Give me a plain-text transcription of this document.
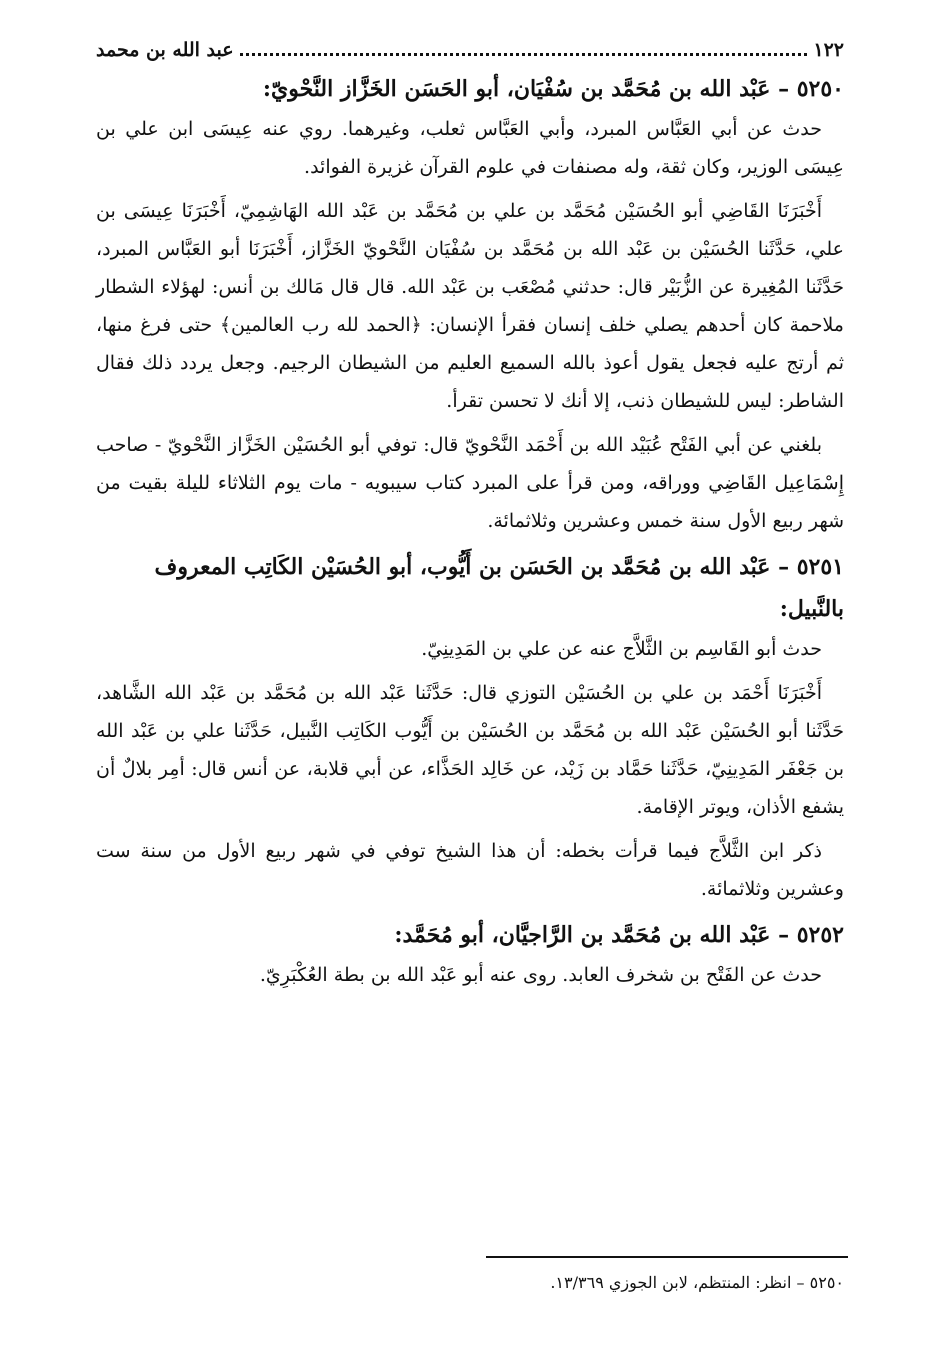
١٢٢
عبد الله بن محمد
٥٢٥٠ – عَبْد الله بن مُحَمَّد بن سُفْيَان، أبو الحَسَن الخَزَّاز النَّحْويّ:

حدث عن أبي العَبَّاس المبرد، وأبي العَبَّاس ثعلب، وغيرهما. روي عنه عِيسَى ابن علي بن عِيسَى الوزير، وكان ثقة، وله مصنفات في علوم القرآن غزيرة الفوائد.

أَخْبَرَنَا القَاضِي أبو الحُسَيْن مُحَمَّد بن علي بن مُحَمَّد بن عَبْد الله الهَاشِمِيّ، أَخْبَرَنَا عِيسَى بن علي، حَدَّثَنا الحُسَيْن بن عَبْد الله بن مُحَمَّد بن سُفْيَان النَّحْويّ الخَزَّاز، أَخْبَرَنَا أبو العَبَّاس المبرد، حَدَّثَنا المُغِيرة عن الزُّبَيْر قال: حدثني مُصْعَب بن عَبْد الله. قال قال مَالك بن أنس: لهؤلاء الشطار ملاحمة كان أحدهم يصلي خلف إنسان فقرأ الإنسان: ﴿الحمد لله رب العالمين﴾ حتى فرغ منها، ثم أرتج عليه فجعل يقول أعوذ بالله السميع العليم من الشيطان الرجيم. وجعل يردد ذلك فقال الشاطر: ليس للشيطان ذنب، إلا أنك لا تحسن تقرأ.

بلغني عن أبي الفَتْح عُبَيْد الله بن أَحْمَد النَّحْويّ قال: توفي أبو الحُسَيْن الخَزَّاز النَّحْويّ - صاحب إِسْمَاعِيل القَاضِي ووراقه، ومن قرأ على المبرد كتاب سيبويه - مات يوم الثلاثاء لليلة بقيت من شهر ربيع الأول سنة خمس وعشرين وثلاثمائة.

٥٢٥١ – عَبْد الله بن مُحَمَّد بن الحَسَن بن أَيُّوب، أبو الحُسَيْن الكَاتِب المعروف بالنَّبيل:

حدث أبو القَاسِم بن الثَّلاَّج عنه عن علي بن المَدِينِيّ.

أَخْبَرَنَا أَحْمَد بن علي بن الحُسَيْن التوزي قال: حَدَّثَنا عَبْد الله بن مُحَمَّد بن عَبْد الله الشَّاهد، حَدَّثَنا أبو الحُسَيْن عَبْد الله بن مُحَمَّد بن الحُسَيْن بن أَيُّوب الكَاتِب النَّبيل، حَدَّثَنا علي بن عَبْد الله بن جَعْفَر المَدِينِيّ، حَدَّثَنا حَمَّاد بن زَيْد، عن خَالِد الحَذَّاء، عن أبي قلابة، عن أنس قال: أمِر بلالٌ أن يشفع الأذان، ويوتر الإقامة.

ذكر ابن الثَّلاَّج فيما قرأت بخطه: أن هذا الشيخ توفي في شهر ربيع الأول من سنة ست وعشرين وثلاثمائة.

٥٢٥٢ – عَبْد الله بن مُحَمَّد بن الرَّاجيَّان، أبو مُحَمَّد:

حدث عن الفَتْح بن شخرف العابد. روى عنه أبو عَبْد الله بن بطة العُكْبَرِيّ.

٥٢٥٠ – انظر: المنتظم، لابن الجوزي ١٣/٣٦٩.
